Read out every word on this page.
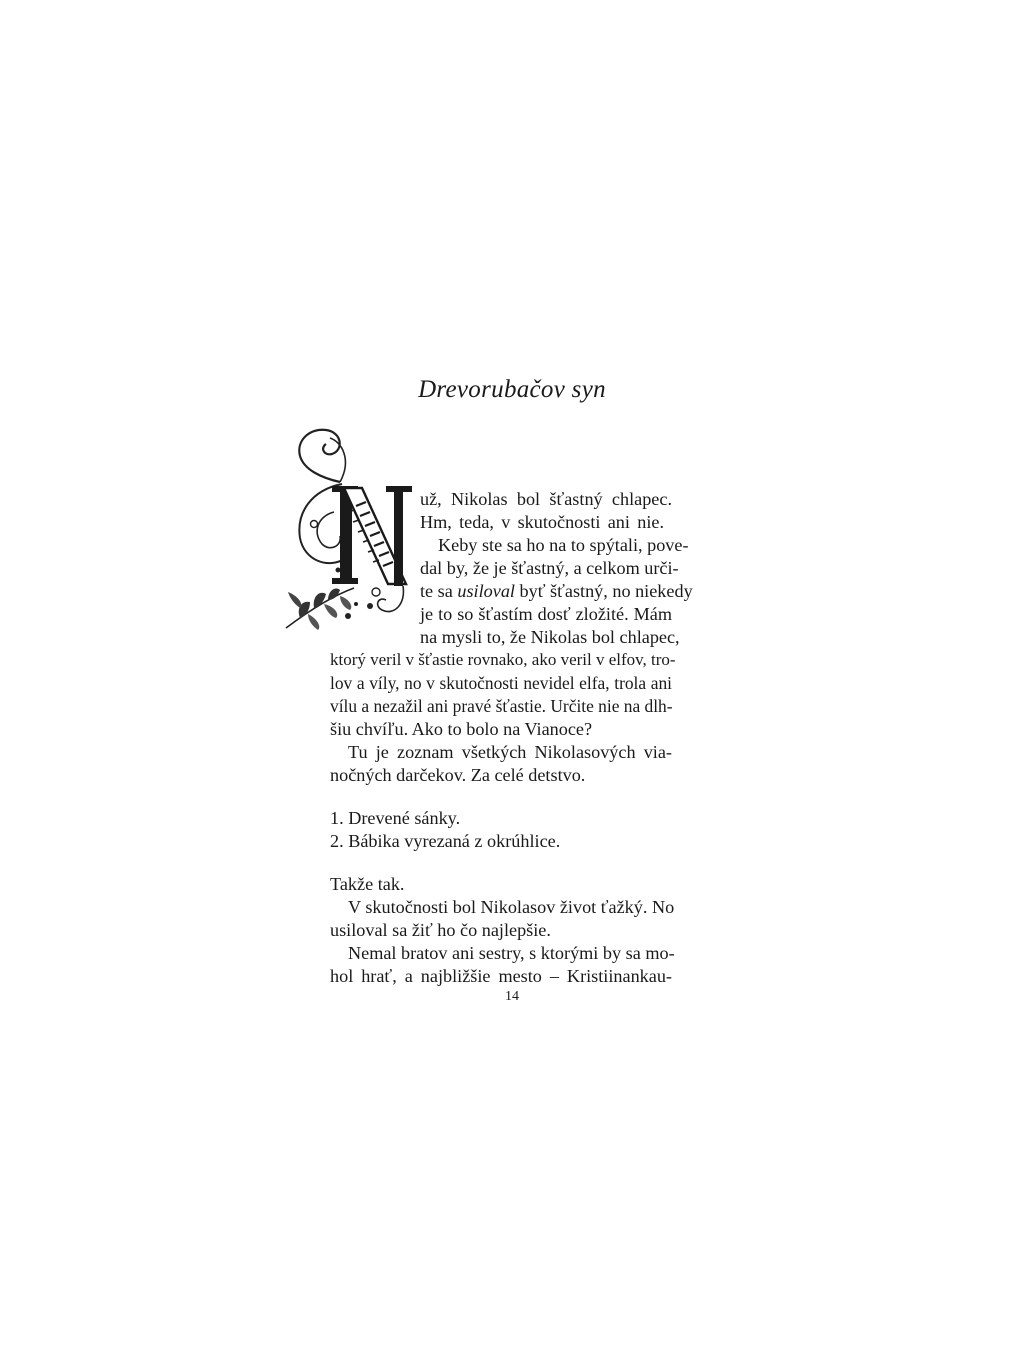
Drevorubačov syn
už, Nikolas bol šťastný chlapec.
Hm, teda, v skutočnosti ani nie.
Keby ste sa ho na to spýtali, pove-
dal by, že je šťastný, a celkom urči-
te sa usiloval byť šťastný, no niekedy
je to so šťastím dosť zložité. Mám
na mysli to, že Nikolas bol chlapec,
ktorý veril v šťastie rovnako, ako veril v elfov, tro-
lov a víly, no v skutočnosti nevidel elfa, trola ani
vílu a nezažil ani pravé šťastie. Určite nie na dlh-
šiu chvíľu. Ako to bolo na Vianoce?
Tu je zoznam všetkých Nikolasových via-
nočných darčekov. Za celé detstvo.
1. Drevené sánky.
2. Bábika vyrezaná z okrúhlice.
Takže tak.
V skutočnosti bol Nikolasov život ťažký. No
usiloval sa žiť ho čo najlepšie.
Nemal bratov ani sestry, s ktorými by sa mo-
hol hrať, a najbližšie mesto – Kristiinankau-
14
